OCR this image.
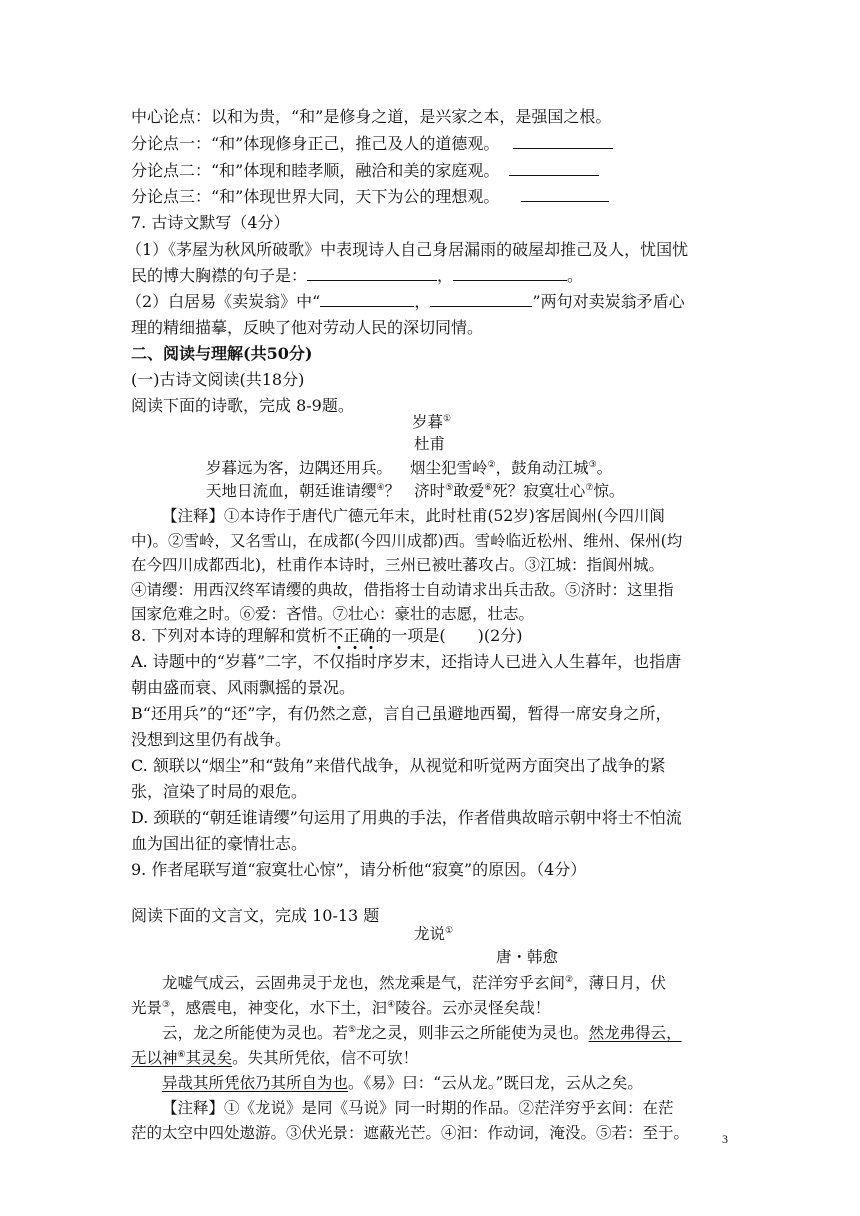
中心论点：以和为贵，“和”是修身之道，是兴家之本，是强国之根。
分论点一：“和”体现修身正己，推己及人的道德观。
分论点二：“和”体现和睦孝顺，融洽和美的家庭观。
分论点三：“和”体现世界大同，天下为公的理想观。
7. 古诗文默写（4分）
（1）《茅屋为秋风所破歌》中表现诗人自己身居漏雨的破屋却推己及人，忧国忧
民的博大胸襟的句子是：	，	。
（2）白居易《卖炭翁》中“	，	”两句对卖炭翁矛盾心
理的精细描摹，反映了他对劳动人民的深切同情。
二、阅读与理解(共50分)
(一)古诗文阅读(共18分)
阅读下面的诗歌，完成 8-9题。
岁暮①
杜甫
岁暮远为客，边隅还用兵。 烟尘犯雪岭②，鼓角动江城③。
天地日流血，朝廷谁请缨④？ 济时⑤敢爱⑥死？寂寞壮心⑦惊。
【注释】①本诗作于唐代广德元年末，此时杜甫(52岁)客居阆州(今四川阆
中)。②雪岭，又名雪山，在成都(今四川成都)西。雪岭临近松州、维州、保州(均
在今四川成都西北)，杜甫作本诗时，三州已被吐蕃攻占。③江城：指阆州城。
④请缨：用西汉终军请缨的典故，借指将士自动请求出兵击敌。⑤济时：这里指
国家危难之时。⑥爱：吝惜。⑦壮心：豪壮的志愿，壮志。
8. 下列对本诗的理解和赏析不正确的一项是(　　)(2分)
A. 诗题中的“岁暮”二字，不仅指时序岁末，还指诗人已进入人生暮年，也指唐
朝由盛而衰、风雨飘摇的景况。
B“还用兵”的“还”字，有仍然之意，言自己虽避地西蜀，暂得一席安身之所，
没想到这里仍有战争。
C. 颔联以“烟尘”和“鼓角”来借代战争，从视觉和听觉两方面突出了战争的紧
张，渲染了时局的艰危。
D. 颈联的“朝廷谁请缨”句运用了用典的手法，作者借典故暗示朝中将士不怕流
血为国出征的豪情壮志。
9. 作者尾联写道“寂寞壮心惊”，请分析他“寂寞”的原因。（4分）
阅读下面的文言文，完成 10-13 题
龙说①
唐・韩愈
龙嘘气成云，云固弗灵于龙也，然龙乘是气，茫洋穷乎玄间②，薄日月，伏
光景③，感震电，神变化，水下土，汩④陵谷。云亦灵怪矣哉！
云，龙之所能使为灵也。若⑤龙之灵，则非云之所能使为灵也。然龙弗得云，
无以神⑥其灵矣。失其所凭依，信不可欤！
异哉其所凭依乃其所自为也。《易》曰：“云从龙。”既曰龙，云从之矣。
【注释】①《龙说》是同《马说》同一时期的作品。②茫洋穷乎玄间：在茫
茫的太空中四处遨游。③伏光景：遮蔽光芒。④汩：作动词，淹没。⑤若：至于。	3
